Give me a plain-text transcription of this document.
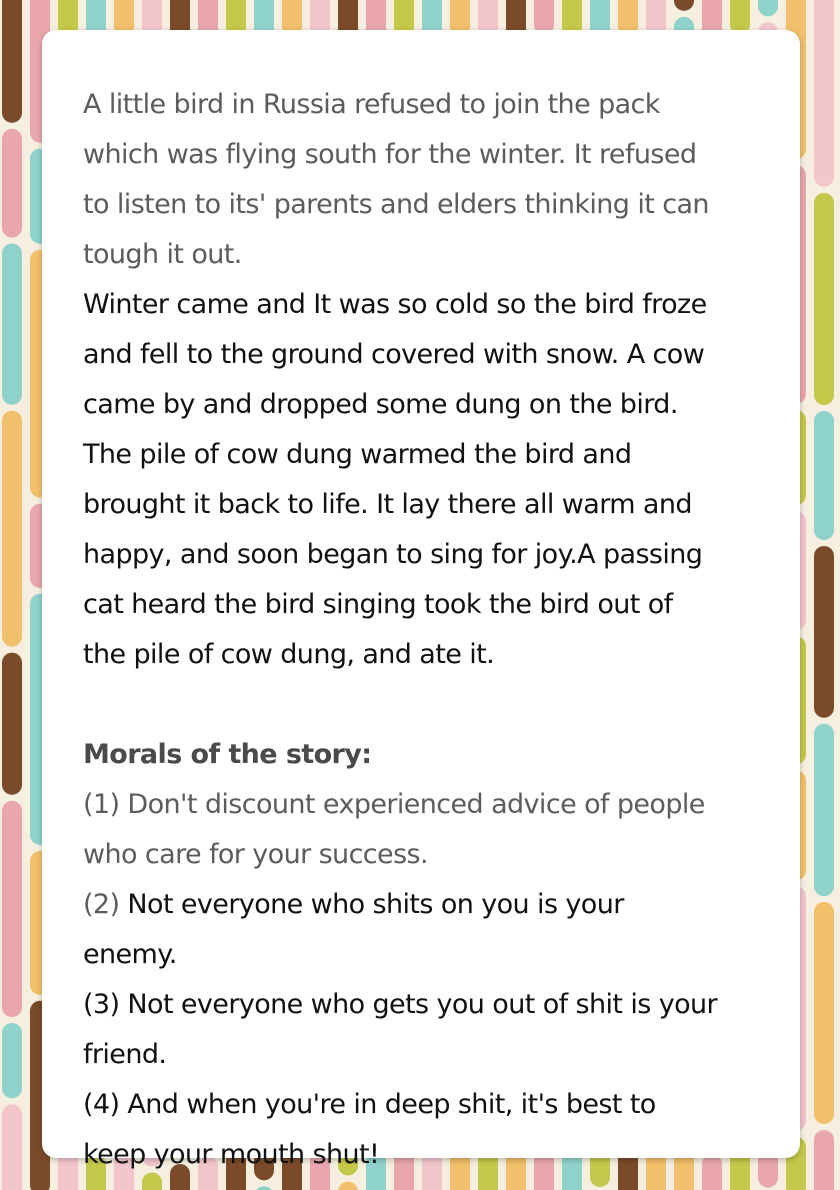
A little bird in Russia refused to join the pack
which was flying south for the winter. It refused
to listen to its' parents and elders thinking it can
tough it out.
Winter came and It was so cold so the bird froze
and fell to the ground covered with snow. A cow
came by and dropped some dung on the bird.
The pile of cow dung warmed the bird and
brought it back to life. It lay there all warm and
happy, and soon began to sing for joy.A passing
cat heard the bird singing took the bird out of
the pile of cow dung, and ate it.
Morals of the story:
(1) Don't discount experienced advice of people
who care for your success.
(2) Not everyone who shits on you is your
enemy.
(3) Not everyone who gets you out of shit is your
friend.
(4) And when you're in deep shit, it's best to
keep your mouth shut!
